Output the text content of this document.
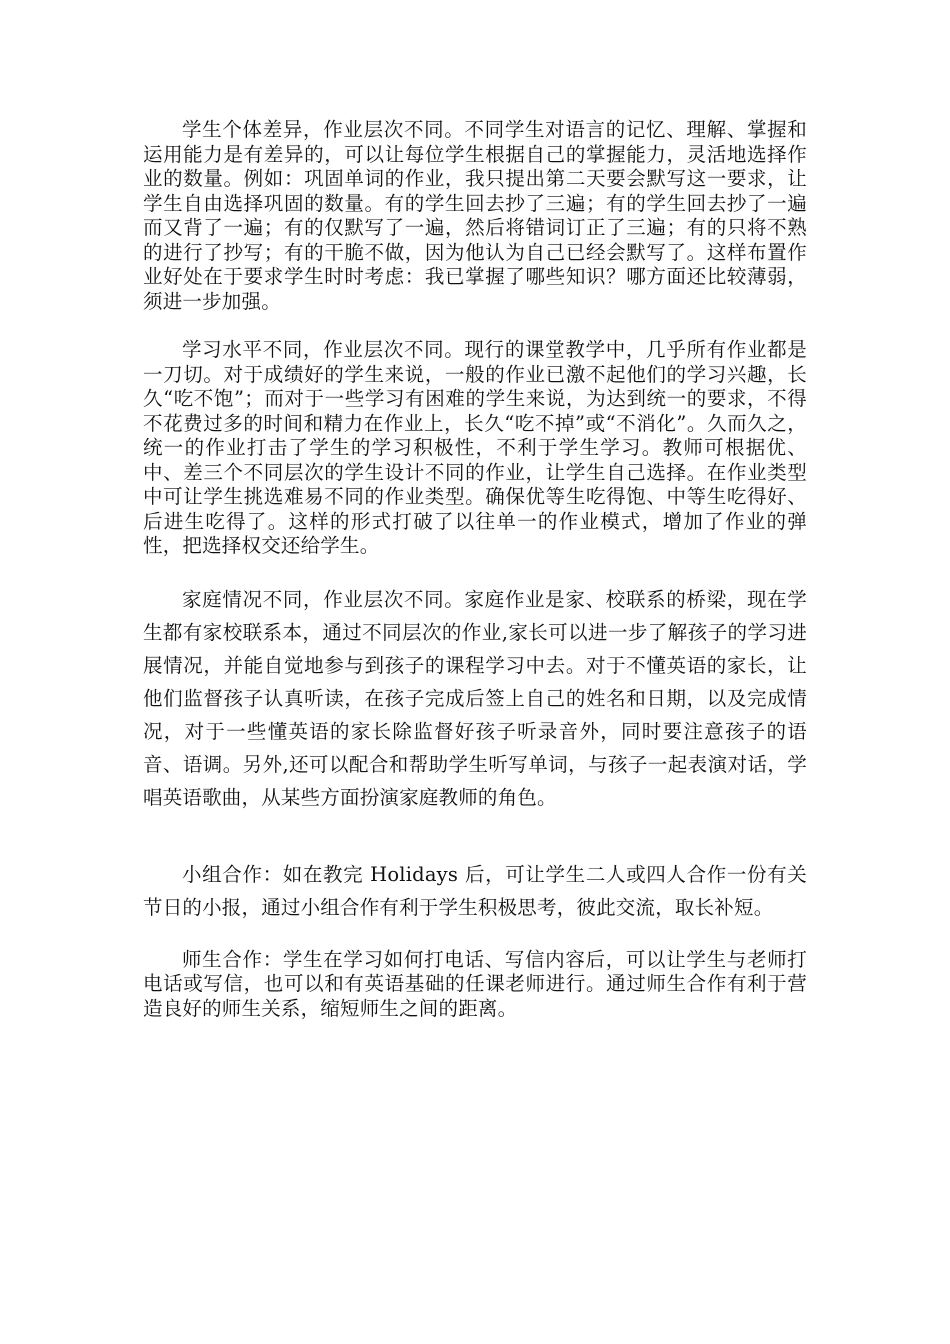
学生个体差异，作业层次不同。不同学生对语言的记忆、理解、掌握和运用能力是有差异的，可以让每位学生根据自己的掌握能力，灵活地选择作业的数量。例如：巩固单词的作业，我只提出第二天要会默写这一要求，让学生自由选择巩固的数量。有的学生回去抄了三遍；有的学生回去抄了一遍而又背了一遍；有的仅默写了一遍，然后将错词订正了三遍；有的只将不熟的进行了抄写；有的干脆不做，因为他认为自己已经会默写了。这样布置作业好处在于要求学生时时考虑：我已掌握了哪些知识？哪方面还比较薄弱，须进一步加强。

学习水平不同，作业层次不同。现行的课堂教学中，几乎所有作业都是一刀切。对于成绩好的学生来说，一般的作业已激不起他们的学习兴趣，长久“吃不饱”；而对于一些学习有困难的学生来说，为达到统一的要求，不得不花费过多的时间和精力在作业上，长久“吃不掉”或“不消化”。久而久之，统一的作业打击了学生的学习积极性，不利于学生学习。教师可根据优、中、差三个不同层次的学生设计不同的作业，让学生自己选择。在作业类型中可让学生挑选难易不同的作业类型。确保优等生吃得饱、中等生吃得好、后进生吃得了。这样的形式打破了以往单一的作业模式，增加了作业的弹性，把选择权交还给学生。

家庭情况不同，作业层次不同。家庭作业是家、校联系的桥梁，现在学生都有家校联系本，通过不同层次的作业,家长可以进一步了解孩子的学习进展情况，并能自觉地参与到孩子的课程学习中去。对于不懂英语的家长，让他们监督孩子认真听读，在孩子完成后签上自己的姓名和日期，以及完成情况，对于一些懂英语的家长除监督好孩子听录音外，同时要注意孩子的语音、语调。另外,还可以配合和帮助学生听写单词，与孩子一起表演对话，学唱英语歌曲，从某些方面扮演家庭教师的角色。

小组合作：如在教完 Holidays 后，可让学生二人或四人合作一份有关节日的小报，通过小组合作有利于学生积极思考，彼此交流，取长补短。

师生合作：学生在学习如何打电话、写信内容后，可以让学生与老师打电话或写信，也可以和有英语基础的任课老师进行。通过师生合作有利于营造良好的师生关系，缩短师生之间的距离。
